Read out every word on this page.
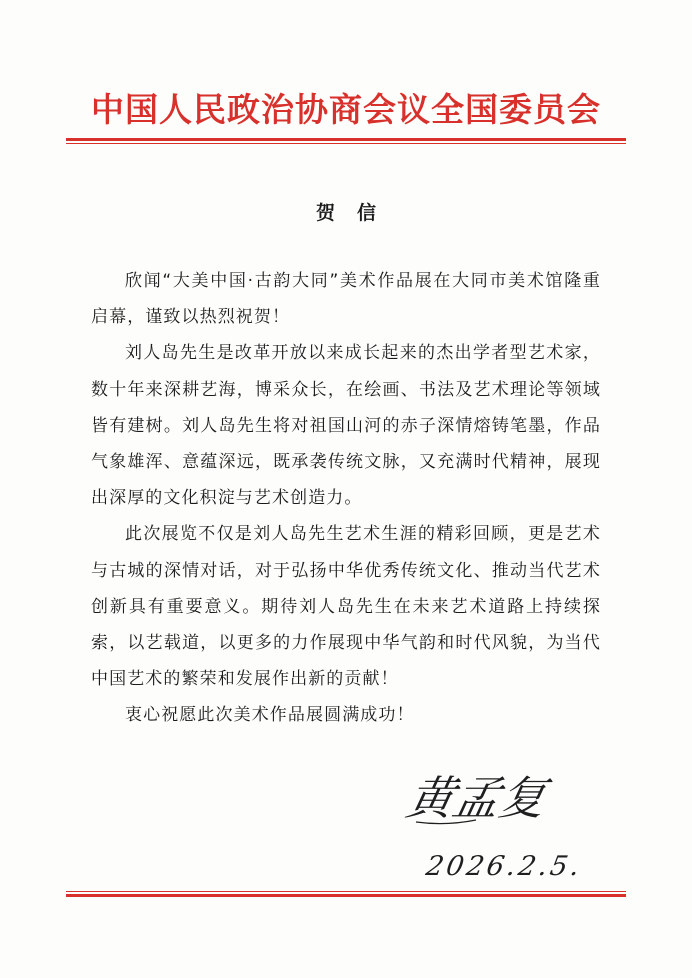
中国人民政治协商会议全国委员会
贺信

欣闻“大美中国·古韵大同”美术作品展在大同市美术馆隆重启幕，谨致以热烈祝贺！

刘人岛先生是改革开放以来成长起来的杰出学者型艺术家，数十年来深耕艺海，博采众长，在绘画、书法及艺术理论等领域皆有建树。刘人岛先生将对祖国山河的赤子深情熔铸笔墨，作品气象雄浑、意蕴深远，既承袭传统文脉，又充满时代精神，展现出深厚的文化积淀与艺术创造力。

此次展览不仅是刘人岛先生艺术生涯的精彩回顾，更是艺术与古城的深情对话，对于弘扬中华优秀传统文化、推动当代艺术创新具有重要意义。期待刘人岛先生在未来艺术道路上持续探索，以艺载道，以更多的力作展现中华气韵和时代风貌，为当代中国艺术的繁荣和发展作出新的贡献！

衷心祝愿此次美术作品展圆满成功！

黄孟复
2026.2.5.
